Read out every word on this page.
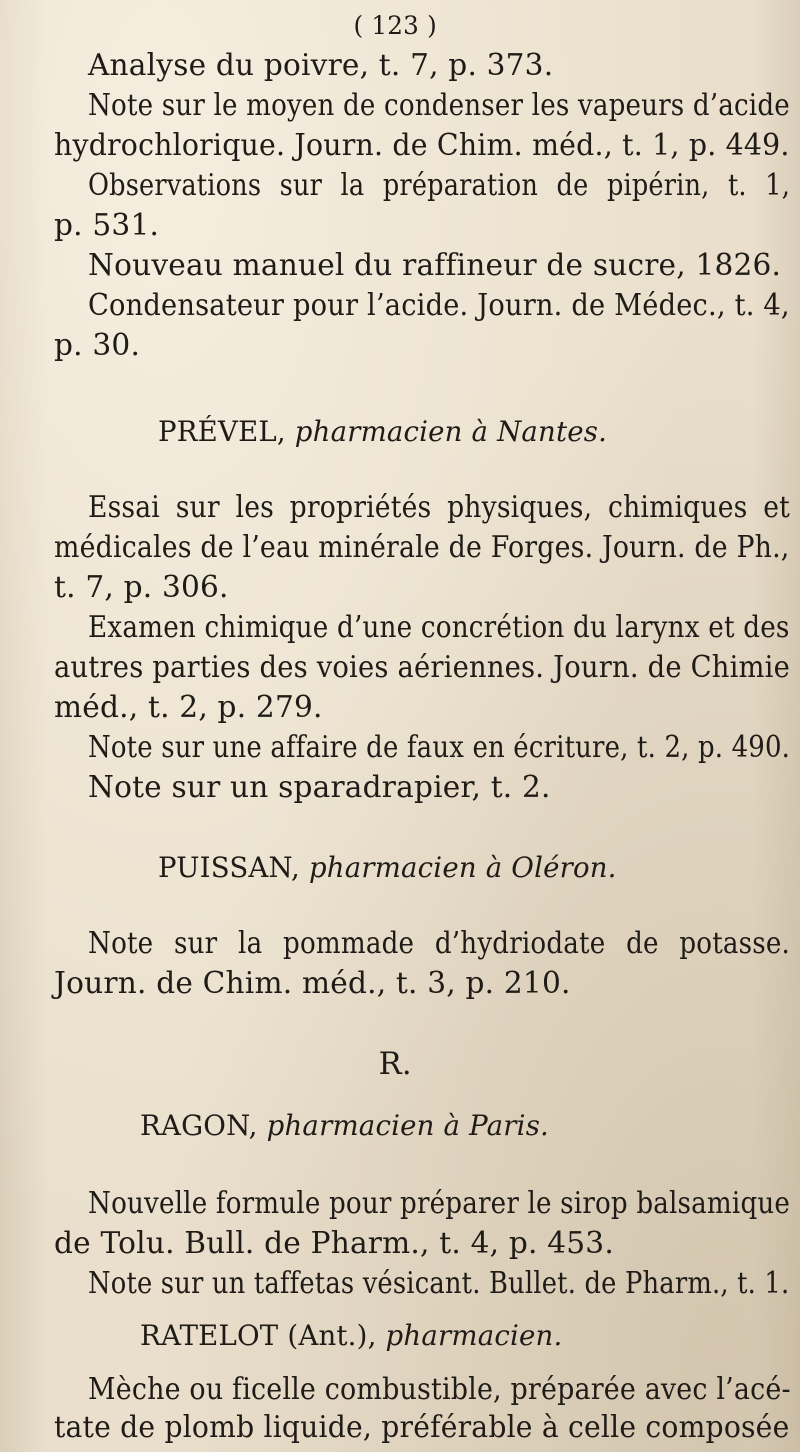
( 123 )
Analyse du poivre, t. 7, p. 373.
Note sur le moyen de condenser les vapeurs d’acide
hydrochlorique. Journ. de Chim. méd., t. 1, p. 449.
Observations sur la préparation de pipérin, t. 1,
p. 531.
Nouveau manuel du raffineur de sucre, 1826.
Condensateur pour l’acide. Journ. de Médec., t. 4,
p. 30.
PRÉVEL, pharmacien à Nantes.
Essai sur les propriétés physiques, chimiques et
médicales de l’eau minérale de Forges. Journ. de Ph.,
t. 7, p. 306.
Examen chimique d’une concrétion du larynx et des
autres parties des voies aériennes. Journ. de Chimie
méd., t. 2, p. 279.
Note sur une affaire de faux en écriture, t. 2, p. 490.
Note sur un sparadrapier, t. 2.
PUISSAN, pharmacien à Oléron.
Note sur la pommade d’hydriodate de potasse.
Journ. de Chim. méd., t. 3, p. 210.
R.
RAGON, pharmacien à Paris.
Nouvelle formule pour préparer le sirop balsamique
de Tolu. Bull. de Pharm., t. 4, p. 453.
Note sur un taffetas vésicant. Bullet. de Pharm., t. 1.
RATELOT (Ant.), pharmacien.
Mèche ou ficelle combustible, préparée avec l’acé-
tate de plomb liquide, préférable à celle composée
